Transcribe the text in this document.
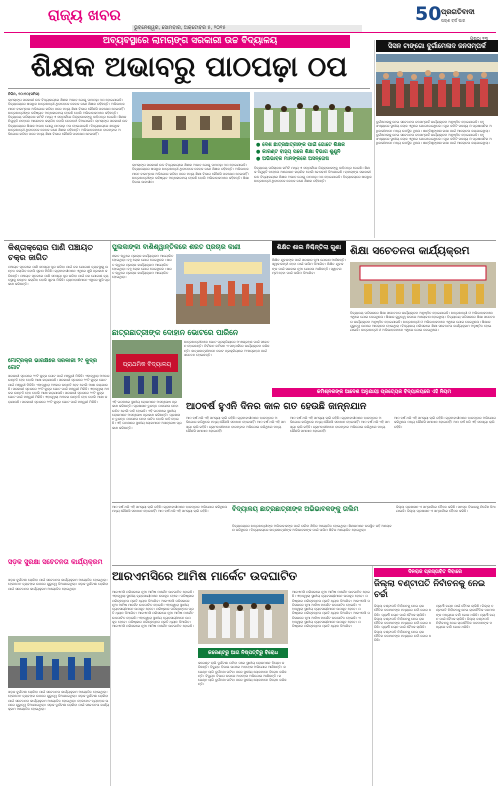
ରାଜ୍ୟ ଖବର
ଭୁବନେଶ୍ୱର, ସୋମବାର, ଅକ୍ଟୋବର ୫, ୨୦୧୫
50 ପ୍ରଗତିବାଦୀ
ପଚାଶ ବର୍ଷ ପାର
ଅବ୍ୟବସ୍ଥାରେ ଲାମଚାଙ୍ଗ ସରକାରୀ ଉଚ୍ଚ ବିଦ୍ୟାଳୟ
ଶିକ୍ଷକ ଅଭାବରୁ ପାଠପଢ଼ା ଠପ
ସିସନ ଟାଙ୍ଗୋ ଦୁର୍ଗାମେଳାଦ ଜନସମ୍ପର୍କ
ନିଗିନ, ୧୦।୧୦(ସମିସ)
ଲାମଚାଙ୍ଗ ସରକାରୀ ଉଚ୍ଚ ବିଦ୍ୟାଳୟରେ ଶିକ୍ଷକ ଅଭାବ ଯୋଗୁ ପାଠପଢ଼ା ଠପ ହୋଇଯାଇଛି। ବିଦ୍ୟାଳୟରେ ଶତାଧିକ ଛାତ୍ରଛାତ୍ରୀ ଥିବାବେଳେ କେବଳ ଜଣେ ଶିକ୍ଷକ ରହିଛନ୍ତି। ଅଭିଭାବକମାନେ ବାରମ୍ବାର ଅଭିଯୋଗ କରିବା ପରେ ମଧ୍ୟ ଶିକ୍ଷା ବିଭାଗ କୌଣସି ପଦକ୍ଷେପ ନେଇନାହିଁ। ଛାତ୍ରଛାତ୍ରୀଙ୍କ ଭବିଷ୍ୟତ ଅନ୍ଧକାରମୟ ହେଉଛି ବୋଲି ଅଭିଭାବକମାନେ କହିଛନ୍ତି। ବିଦ୍ୟାଳୟ ପରିଚାଳନା କମିଟି ମଧ୍ୟ ଏ ସମ୍ପର୍କରେ ଜିଲ୍ଲାପାଳଙ୍କୁ ଦାବିପତ୍ର ଦେଇଛି। ଶିକ୍ଷକ ନିଯୁକ୍ତି ନହେଲେ ଆନ୍ଦୋଳନ କରାଯିବ ବୋଲି ଚେତାବନୀ ଦିଆଯାଇଛି। ଲାମଚାଙ୍ଗ ସରକାରୀ ଉଚ୍ଚ ବିଦ୍ୟାଳୟରେ ଶିକ୍ଷକ ଅଭାବ ଯୋଗୁ ପାଠପଢ଼ା ଠପ ହୋଇଯାଇଛି। ବିଦ୍ୟାଳୟରେ ଶତାଧିକ ଛାତ୍ରଛାତ୍ରୀ ଥିବାବେଳେ କେବଳ ଜଣେ ଶିକ୍ଷକ ରହିଛନ୍ତି। ଅଭିଭାବକମାନେ ବାରମ୍ବାର ଅଭିଯୋଗ କରିବା ପରେ ମଧ୍ୟ ଶିକ୍ଷା ବିଭାଗ କୌଣସି ପଦକ୍ଷେପ ନେଇନାହିଁ।
ଲାମଚାଙ୍ଗ ସରକାରୀ ଉଚ୍ଚ ବିଦ୍ୟାଳୟରେ ଶିକ୍ଷକ ଅଭାବ ଯୋଗୁ ପାଠପଢ଼ା ଠପ ହୋଇଯାଇଛି। ବିଦ୍ୟାଳୟରେ ଶତାଧିକ ଛାତ୍ରଛାତ୍ରୀ ଥିବାବେଳେ କେବଳ ଜଣେ ଶିକ୍ଷକ ରହିଛନ୍ତି। ଅଭିଭାବକମାନେ ବାରମ୍ବାର ଅଭିଯୋଗ କରିବା ପରେ ମଧ୍ୟ ଶିକ୍ଷା ବିଭାଗ କୌଣସି ପଦକ୍ଷେପ ନେଇନାହିଁ। ଛାତ୍ରଛାତ୍ରୀଙ୍କ ଭବିଷ୍ୟତ ଅନ୍ଧକାରମୟ ହେଉଛି ବୋଲି ଅଭିଭାବକମାନେ କହିଛନ୍ତି। ଶିକ୍ଷା ବିଭାଗ ଉଦାସୀନ।
● ଦେଶ ଛାତ୍ରଛାତ୍ରୀଙ୍କ ପାଇଁ ଗୋଟେ ଶିକ୍ଷକ
● କାରଣ୍ଟ ବାହ୍ୟ ପରେ ଶିକ୍ଷା ବିଭାଗ ଶୁଣୁନି
● ଅଭିଭାବକ ମାନଙ୍କରେ ଅସନ୍ତୋଷ
ବିଦ୍ୟାଳୟ ପରିଚାଳନା କମିଟି ମଧ୍ୟ ଏ ସମ୍ପର୍କରେ ଜିଲ୍ଲାପାଳଙ୍କୁ ଦାବିପତ୍ର ଦେଇଛି। ଶିକ୍ଷକ ନିଯୁକ୍ତି ନହେଲେ ଆନ୍ଦୋଳନ କରାଯିବ ବୋଲି ଚେତାବନୀ ଦିଆଯାଇଛି। ଲାମଚାଙ୍ଗ ସରକାରୀ ଉଚ୍ଚ ବିଦ୍ୟାଳୟରେ ଶିକ୍ଷକ ଅଭାବ ଯୋଗୁ ପାଠପଢ଼ା ଠପ ହୋଇଯାଇଛି। ବିଦ୍ୟାଳୟରେ ଶତାଧିକ ଛାତ୍ରଛାତ୍ରୀ ଥିବାବେଳେ କେବଳ ଜଣେ ଶିକ୍ଷକ ରହିଛନ୍ତି।
ଦୁର୍ଗାମେଳାକୁ ନେଇ ସଚେତନତା ଜନସମ୍ପର୍କ କାର୍ଯ୍ୟକ୍ରମ ଅନୁଷ୍ଠିତ ହୋଇଯାଇଛି। ବହୁ ସଂଖ୍ୟାରେ ସ୍ଥାନୀୟ ଲୋକ ଏଥିରେ ଯୋଗଦେଇଥିଲେ। ପୂଜା କମିଟି ସଦସ୍ୟ ଓ ପ୍ରଶାସନିକ ଅଧିକାରୀମାନେ ମଧ୍ୟ ଉପସ୍ଥିତ ଥିଲେ। ଶାନ୍ତିଶୃଙ୍ଖଳା ରକ୍ଷା ପାଇଁ ଆଲୋଚନା କରାଯାଇଥିଲା। ଦୁର୍ଗାମେଳାକୁ ନେଇ ସଚେତନତା ଜନସମ୍ପର୍କ କାର୍ଯ୍ୟକ୍ରମ ଅନୁଷ୍ଠିତ ହୋଇଯାଇଛି। ବହୁ ସଂଖ୍ୟାରେ ସ୍ଥାନୀୟ ଲୋକ ଏଥିରେ ଯୋଗଦେଇଥିଲେ। ପୂଜା କମିଟି ସଦସ୍ୟ ଓ ପ୍ରଶାସନିକ ଅଧିକାରୀମାନେ ମଧ୍ୟ ଉପସ୍ଥିତ ଥିଲେ। ଶାନ୍ତିଶୃଙ୍ଖଳା ରକ୍ଷା ପାଇଁ ଆଲୋଚନା କରାଯାଇଥିଲା।
କିଶ୍ତାକ୍ରୋର ପାଣି ପଞ୍ଚାୟତ ଚକ୍ର ଜାଗିତ
ପଞ୍ଚାୟତ ସ୍ତରରେ ପାଣି ସମସ୍ୟା ଦୂର କରିବା ପାଇଁ ଜଳ ଯୋଗାଣ ବ୍ୟବସ୍ଥାକୁ ଉନ୍ନତ କରାଯିବ ବୋଲି ସୂଚନା ମିଳିଛି। ଗ୍ରାମବାସୀମାନେ ଏଥିରେ ଖୁସି ପ୍ରକାଶ କରିଛନ୍ତି। ପଞ୍ଚାୟତ ସ୍ତରରେ ପାଣି ସମସ୍ୟା ଦୂର କରିବା ପାଇଁ ଜଳ ଯୋଗାଣ ବ୍ୟବସ୍ଥାକୁ ଉନ୍ନତ କରାଯିବ ବୋଲି ସୂଚନା ମିଳିଛି। ଗ୍ରାମବାସୀମାନେ ଏଥିରେ ଖୁସି ପ୍ରକାଶ କରିଛନ୍ତି।
ପୁଲକାଙ୍କା ବାଶିଶ୍ୱାନ୍ତିକରେ ଶରତ ପ୍ରଚାର କାଣୀ
ଶରତ ଋତୁରେ ପ୍ରଚାର କାର୍ଯ୍ୟକ୍ରମ ଆୟୋଜିତ ହୋଇଥିଲା। ବହୁ ଲୋକ ଯୋଗ ଦେଇଥିଲେ। ଶରତ ଋତୁରେ ପ୍ରଚାର କାର୍ଯ୍ୟକ୍ରମ ଆୟୋଜିତ ହୋଇଥିଲା। ବହୁ ଲୋକ ଯୋଗ ଦେଇଥିଲେ। ଶରତ ଋତୁରେ ପ୍ରଚାର କାର୍ଯ୍ୟକ୍ରମ ଆୟୋଜିତ ହୋଇଥିଲା।
ଶିକ୍ଷିତ ଶାଲ ନିଶ୍ଚିନ୍ତିଲା ଗୁଣା
ଶିକ୍ଷିତ ଯୁବକଙ୍କ ପାଇଁ ସରକାର ନୂଆ ଯୋଜନା ଆଣିଛନ୍ତି। ସ୍ୱାବଲମ୍ବୀ ହେବା ପାଇଁ ତାଲିମ ଦିଆଯିବ। ଶିକ୍ଷିତ ଯୁବକଙ୍କ ପାଇଁ ସରକାର ନୂଆ ଯୋଜନା ଆଣିଛନ୍ତି। ସ୍ୱାବଲମ୍ବୀ ହେବା ପାଇଁ ତାଲିମ ଦିଆଯିବ।
ଶିକ୍ଷା ସଚେତନତା କାର୍ଯ୍ୟକ୍ରମ
ବିଦ୍ୟାଳୟ ପରିସରରେ ଶିକ୍ଷା ସଚେତନତା କାର୍ଯ୍ୟକ୍ରମ ଅନୁଷ୍ଠିତ ହୋଇଯାଇଛି। ଛାତ୍ରଛାତ୍ରୀ ଓ ଅଭିଭାବକମାନେ ଏଥିରେ ଯୋଗ ଦେଇଥିଲେ। ଶିକ୍ଷାର ଗୁରୁତ୍ୱ ଉପରେ ଆଲୋଚନା ହୋଇଥିଲା। ବିଦ୍ୟାଳୟ ପରିସରରେ ଶିକ୍ଷା ସଚେତନତା କାର୍ଯ୍ୟକ୍ରମ ଅନୁଷ୍ଠିତ ହୋଇଯାଇଛି। ଛାତ୍ରଛାତ୍ରୀ ଓ ଅଭିଭାବକମାନେ ଏଥିରେ ଯୋଗ ଦେଇଥିଲେ। ଶିକ୍ଷାର ଗୁରୁତ୍ୱ ଉପରେ ଆଲୋଚନା ହୋଇଥିଲା। ବିଦ୍ୟାଳୟ ପରିସରରେ ଶିକ୍ଷା ସଚେତନତା କାର୍ଯ୍ୟକ୍ରମ ଅନୁଷ୍ଠିତ ହୋଇଯାଇଛି। ଛାତ୍ରଛାତ୍ରୀ ଓ ଅଭିଭାବକମାନେ ଏଥିରେ ଯୋଗ ଦେଇଥିଲେ।
ମୋଟ୍ରକ୍ରି ଭାରକ୍ଷରେ ସରକାରୀ ୨୯ କୁଦ୍ର ଗୋଟ
ସରକାରୀ ସ୍ତରରେ ୨୯ଟି କୁଦ୍ର ଗୋଟ ପାଇଁ ମଞ୍ଜୁରୀ ମିଳିଛି। ଏହାଦ୍ୱାରା ଅଞ୍ଚଳର ଉନ୍ନତି ହେବ ବୋଲି ଆଶା କରାଯାଉଛି। ସରକାରୀ ସ୍ତରରେ ୨୯ଟି କୁଦ୍ର ଗୋଟ ପାଇଁ ମଞ୍ଜୁରୀ ମିଳିଛି। ଏହାଦ୍ୱାରା ଅଞ୍ଚଳର ଉନ୍ନତି ହେବ ବୋଲି ଆଶା କରାଯାଉଛି। ସରକାରୀ ସ୍ତରରେ ୨୯ଟି କୁଦ୍ର ଗୋଟ ପାଇଁ ମଞ୍ଜୁରୀ ମିଳିଛି। ଏହାଦ୍ୱାରା ଅଞ୍ଚଳର ଉନ୍ନତି ହେବ ବୋଲି ଆଶା କରାଯାଉଛି। ସରକାରୀ ସ୍ତରରେ ୨୯ଟି କୁଦ୍ର ଗୋଟ ପାଇଁ ମଞ୍ଜୁରୀ ମିଳିଛି। ଏହାଦ୍ୱାରା ଅଞ୍ଚଳର ଉନ୍ନତି ହେବ ବୋଲି ଆଶା କରାଯାଉଛି। ସରକାରୀ ସ୍ତରରେ ୨୯ଟି କୁଦ୍ର ଗୋଟ ପାଇଁ ମଞ୍ଜୁରୀ ମିଳିଛି।
ଛାତ୍ରଛାତ୍ରୀଙ୍କ ଦୋହାନ ଭୋଟରେ ପାରିନେ
ପ୍ରାଥମିକ ବିଦ୍ୟାଳୟ
ଛାତ୍ରଛାତ୍ରୀମାନେ ଭୋଟ ପ୍ରକ୍ରିୟାରେ ଅଂଶଗ୍ରହଣ ପାଇଁ ସଚେତନ ହୋଇଛନ୍ତି। ନିର୍ବାଚନ କମିସନ ଏ ସମ୍ପର୍କରେ କାର୍ଯ୍ୟକ୍ରମ କରିଛନ୍ତି। ଛାତ୍ରଛାତ୍ରୀମାନେ ଭୋଟ ପ୍ରକ୍ରିୟାରେ ଅଂଶଗ୍ରହଣ ପାଇଁ ସଚେତନ ହୋଇଛନ୍ତି।
ଆଠବର୍ଷ ହୁଏନି ଦିନର କାଳ ଗତ ହେଉଛି ଜାନ୍ନଯାନ
ଏହି ଘଟଣାରେ ସ୍ଥାନୀୟ ଲୋକମାନେ ଅସନ୍ତୋଷ ପ୍ରକାଶ କରିଛନ୍ତି। ପ୍ରଶାସନ ତୁରନ୍ତ ପଦକ୍ଷେପ ନେବା ଉଚିତ ବୋଲି ଦାବି ହୋଇଛି। ଏହି ଘଟଣାରେ ସ୍ଥାନୀୟ ଲୋକମାନେ ଅସନ୍ତୋଷ ପ୍ରକାଶ କରିଛନ୍ତି। ପ୍ରଶାସନ ତୁରନ୍ତ ପଦକ୍ଷେପ ନେବା ଉଚିତ ବୋଲି ଦାବି ହୋଇଛି। ଏହି ଘଟଣାରେ ସ୍ଥାନୀୟ ଲୋକମାନେ ଅସନ୍ତୋଷ ପ୍ରକାଶ କରିଛନ୍ତି।
ଆଠ ବର୍ଷ ଧରି ଏହି ସମସ୍ୟା ଲାଗି ରହିଛି। ଗ୍ରାମବାସୀମାନେ ବାରମ୍ବାର ଅଭିଯୋଗ କରିଥିଲେ ମଧ୍ୟ କୌଣସି ସମାଧାନ ହୋଇନାହିଁ। ଆଠ ବର୍ଷ ଧରି ଏହି ସମସ୍ୟା ଲାଗି ରହିଛି। ଗ୍ରାମବାସୀମାନେ ବାରମ୍ବାର ଅଭିଯୋଗ କରିଥିଲେ ମଧ୍ୟ କୌଣସି ସମାଧାନ ହୋଇନାହିଁ।
ଆଠ ବର୍ଷ ଧରି ଏହି ସମସ୍ୟା ଲାଗି ରହିଛି। ଗ୍ରାମବାସୀମାନେ ବାରମ୍ବାର ଅଭିଯୋଗ କରିଥିଲେ ମଧ୍ୟ କୌଣସି ସମାଧାନ ହୋଇନାହିଁ। ଆଠ ବର୍ଷ ଧରି ଏହି ସମସ୍ୟା ଲାଗି ରହିଛି। ଗ୍ରାମବାସୀମାନେ ବାରମ୍ବାର ଅଭିଯୋଗ କରିଥିଲେ ମଧ୍ୟ କୌଣସି ସମାଧାନ ହୋଇନାହିଁ।
ଆଠ ବର୍ଷ ଧରି ଏହି ସମସ୍ୟା ଲାଗି ରହିଛି। ଗ୍ରାମବାସୀମାନେ ବାରମ୍ବାର ଅଭିଯୋଗ କରିଥିଲେ ମଧ୍ୟ କୌଣସି ସମାଧାନ ହୋଇନାହିଁ। ଆଠ ବର୍ଷ ଧରି ଏହି ସମସ୍ୟା ଲାଗି ରହିଛି।
କମିଶ୍ନରଙ୍କ ଆଦେଶ ଅନୁଯାୟୀ ପ୍ରତ୍ୟେକ ବିଦ୍ୟାଳୟରେ ଏହି ନିୟମ
ବିଦ୍ୟାଳୟ ଛାତ୍ରଛାତ୍ରୀଙ୍କ ଅଭିଭାବକଙ୍କୁ ତାଲିମ
ବିଦ୍ୟାଳୟରେ ଛାତ୍ରଛାତ୍ରୀଙ୍କ ଅଭିଭାବକଙ୍କ ପାଇଁ ତାଲିମ ଶିବିର ଆୟୋଜିତ ହୋଇଥିଲା। ଶିକ୍ଷକମାନେ ଉପସ୍ଥିତ ରହି ଆଲୋଚନା କରିଥିଲେ। ବିଦ୍ୟାଳୟରେ ଛାତ୍ରଛାତ୍ରୀଙ୍କ ଅଭିଭାବକଙ୍କ ପାଇଁ ତାଲିମ ଶିବିର ଆୟୋଜିତ ହୋଇଥିଲା।
ଆଠ ବର୍ଷ ଧରି ଏହି ସମସ୍ୟା ଲାଗି ରହିଛି। ଗ୍ରାମବାସୀମାନେ ବାରମ୍ବାର ଅଭିଯୋଗ କରିଥିଲେ ମଧ୍ୟ କୌଣସି ସମାଧାନ ହୋଇନାହିଁ। ଆଠ ବର୍ଷ ଧରି ଏହି ସମସ୍ୟା ଲାଗି ରହିଛି।
ଜିଲ୍ଲା ପ୍ରଶାସନ ଏ ସମ୍ପର୍କରେ ବୈଠକ କରିଛି। ସମସ୍ତ ବିଭାଗକୁ ନିର୍ଦ୍ଦେଶ ଦିଆଯାଇଛି। ଜିଲ୍ଲା ପ୍ରଶାସନ ଏ ସମ୍ପର୍କରେ ବୈଠକ କରିଛି।
ସଡ଼କ ସୁରକ୍ଷା ସଚେତନତା କାର୍ଯ୍ୟକ୍ରମ
ସଡ଼କ ଦୁର୍ଘଟଣା ରୋକିବା ପାଇଁ ସଚେତନତା କାର୍ଯ୍ୟକ୍ରମ ଆୟୋଜିତ ହୋଇଥିଲା। ହେଲମେଟ ବ୍ୟବହାର ଉପରେ ଗୁରୁତ୍ୱ ଦିଆଯାଇଥିଲା। ସଡ଼କ ଦୁର୍ଘଟଣା ରୋକିବା ପାଇଁ ସଚେତନତା କାର୍ଯ୍ୟକ୍ରମ ଆୟୋଜିତ ହୋଇଥିଲା।
ସଡ଼କ ଦୁର୍ଘଟଣା ରୋକିବା ପାଇଁ ସଚେତନତା କାର୍ଯ୍ୟକ୍ରମ ଆୟୋଜିତ ହୋଇଥିଲା। ହେଲମେଟ ବ୍ୟବହାର ଉପରେ ଗୁରୁତ୍ୱ ଦିଆଯାଇଥିଲା। ସଡ଼କ ଦୁର୍ଘଟଣା ରୋକିବା ପାଇଁ ସଚେତନତା କାର୍ଯ୍ୟକ୍ରମ ଆୟୋଜିତ ହୋଇଥିଲା। ହେଲମେଟ ବ୍ୟବହାର ଉପରେ ଗୁରୁତ୍ୱ ଦିଆଯାଇଥିଲା। ସଡ଼କ ଦୁର୍ଘଟଣା ରୋକିବା ପାଇଁ ସଚେତନତା କାର୍ଯ୍ୟକ୍ରମ ଆୟୋଜିତ ହୋଇଥିଲା।
ଆରଏମସିରେ ଆମିଷ ମାର୍କେଟ ଉଦଘାଟିତ
ଆରଏମସି ପରିସରରେ ନୂଆ ଆମିଷ ମାର୍କେଟ ଉଦଘାଟିତ ହୋଇଛି। ଏହାଦ୍ୱାରା ସ୍ଥାନୀୟ ବ୍ୟବସାୟୀମାନେ ଉପକୃତ ହେବେ। ପରିଷ୍କାର ପରିଚ୍ଛନ୍ନତା ପ୍ରତି ଧ୍ୟାନ ଦିଆଯିବ। ଆରଏମସି ପରିସରରେ ନୂଆ ଆମିଷ ମାର୍କେଟ ଉଦଘାଟିତ ହୋଇଛି। ଏହାଦ୍ୱାରା ସ୍ଥାନୀୟ ବ୍ୟବସାୟୀମାନେ ଉପକୃତ ହେବେ। ପରିଷ୍କାର ପରିଚ୍ଛନ୍ନତା ପ୍ରତି ଧ୍ୟାନ ଦିଆଯିବ। ଆରଏମସି ପରିସରରେ ନୂଆ ଆମିଷ ମାର୍କେଟ ଉଦଘାଟିତ ହୋଇଛି। ଏହାଦ୍ୱାରା ସ୍ଥାନୀୟ ବ୍ୟବସାୟୀମାନେ ଉପକୃତ ହେବେ। ପରିଷ୍କାର ପରିଚ୍ଛନ୍ନତା ପ୍ରତି ଧ୍ୟାନ ଦିଆଯିବ। ଆରଏମସି ପରିସରରେ ନୂଆ ଆମିଷ ମାର୍କେଟ ଉଦଘାଟିତ ହୋଇଛି।
କରେଣ୍ଟରୁ ଆଗ ନିଷ୍ପତ୍ତିରୁ ବିରୋଧ
କରେଣ୍ଟ ଲାଗି ଦୁର୍ଘଟଣା ଘଟିବା ପରେ ସ୍ଥାନୀୟ ଲୋକମାନେ ବିରୋଧ କରିଛନ୍ତି। ବିଦ୍ୟୁତ ବିଭାଗ ଉପରେ ଅବହେଳା ଅଭିଯୋଗ ଆଣିଛନ୍ତି। କରେଣ୍ଟ ଲାଗି ଦୁର୍ଘଟଣା ଘଟିବା ପରେ ସ୍ଥାନୀୟ ଲୋକମାନେ ବିରୋଧ କରିଛନ୍ତି। ବିଦ୍ୟୁତ ବିଭାଗ ଉପରେ ଅବହେଳା ଅଭିଯୋଗ ଆଣିଛନ୍ତି। କରେଣ୍ଟ ଲାଗି ଦୁର୍ଘଟଣା ଘଟିବା ପରେ ସ୍ଥାନୀୟ ଲୋକମାନେ ବିରୋଧ କରିଛନ୍ତି।
ଆରଏମସି ପରିସରରେ ନୂଆ ଆମିଷ ମାର୍କେଟ ଉଦଘାଟିତ ହୋଇଛି। ଏହାଦ୍ୱାରା ସ୍ଥାନୀୟ ବ୍ୟବସାୟୀମାନେ ଉପକୃତ ହେବେ। ପରିଷ୍କାର ପରିଚ୍ଛନ୍ନତା ପ୍ରତି ଧ୍ୟାନ ଦିଆଯିବ। ଆରଏମସି ପରିସରରେ ନୂଆ ଆମିଷ ମାର୍କେଟ ଉଦଘାଟିତ ହୋଇଛି। ଏହାଦ୍ୱାରା ସ୍ଥାନୀୟ ବ୍ୟବସାୟୀମାନେ ଉପକୃତ ହେବେ। ପରିଷ୍କାର ପରିଚ୍ଛନ୍ନତା ପ୍ରତି ଧ୍ୟାନ ଦିଆଯିବ। ଆରଏମସି ପରିସରରେ ନୂଆ ଆମିଷ ମାର୍କେଟ ଉଦଘାଟିତ ହୋଇଛି। ଏହାଦ୍ୱାରା ସ୍ଥାନୀୟ ବ୍ୟବସାୟୀମାନେ ଉପକୃତ ହେବେ। ପରିଷ୍କାର ପରିଚ୍ଛନ୍ନତା ପ୍ରତି ଧ୍ୟାନ ଦିଆଯିବ।
ଦିନରାଜ ପ୍ରସ୍ତାବିତ ଦିବାରେ
ଜିଲ୍ଲା ବଣ୍ଟାପତି ନିର୍ବାଚନକୁ ନେଇ ଚର୍ଚ୍ଚା
ଜିଲ୍ଲା ବଣ୍ଟାପତି ନିର୍ବାଚନକୁ ନେଇ ରାଜନୈତିକ ଦଳମାନଙ୍କ ମଧ୍ୟରେ ଚର୍ଚ୍ଚା ଜୋର ଧରିଛି। ପ୍ରାର୍ଥୀ ଚୟନ ପାଇଁ ବୈଠକ ଚାଲିଛି। ଜିଲ୍ଲା ବଣ୍ଟାପତି ନିର୍ବାଚନକୁ ନେଇ ରାଜନୈତିକ ଦଳମାନଙ୍କ ମଧ୍ୟରେ ଚର୍ଚ୍ଚା ଜୋର ଧରିଛି। ପ୍ରାର୍ଥୀ ଚୟନ ପାଇଁ ବୈଠକ ଚାଲିଛି। ଜିଲ୍ଲା ବଣ୍ଟାପତି ନିର୍ବାଚନକୁ ନେଇ ରାଜନୈତିକ ଦଳମାନଙ୍କ ମଧ୍ୟରେ ଚର୍ଚ୍ଚା ଜୋର ଧରିଛି।
ପ୍ରାର୍ଥୀ ଚୟନ ପାଇଁ ବୈଠକ ଚାଲିଛି। ଜିଲ୍ଲା ବଣ୍ଟାପତି ନିର୍ବାଚନକୁ ନେଇ ରାଜନୈତିକ ଦଳମାନଙ୍କ ମଧ୍ୟରେ ଚର୍ଚ୍ଚା ଜୋର ଧରିଛି। ପ୍ରାର୍ଥୀ ଚୟନ ପାଇଁ ବୈଠକ ଚାଲିଛି। ଜିଲ୍ଲା ବଣ୍ଟାପତି ନିର୍ବାଚନକୁ ନେଇ ରାଜନୈତିକ ଦଳମାନଙ୍କ ମଧ୍ୟରେ ଚର୍ଚ୍ଚା ଜୋର ଧରିଛି।
